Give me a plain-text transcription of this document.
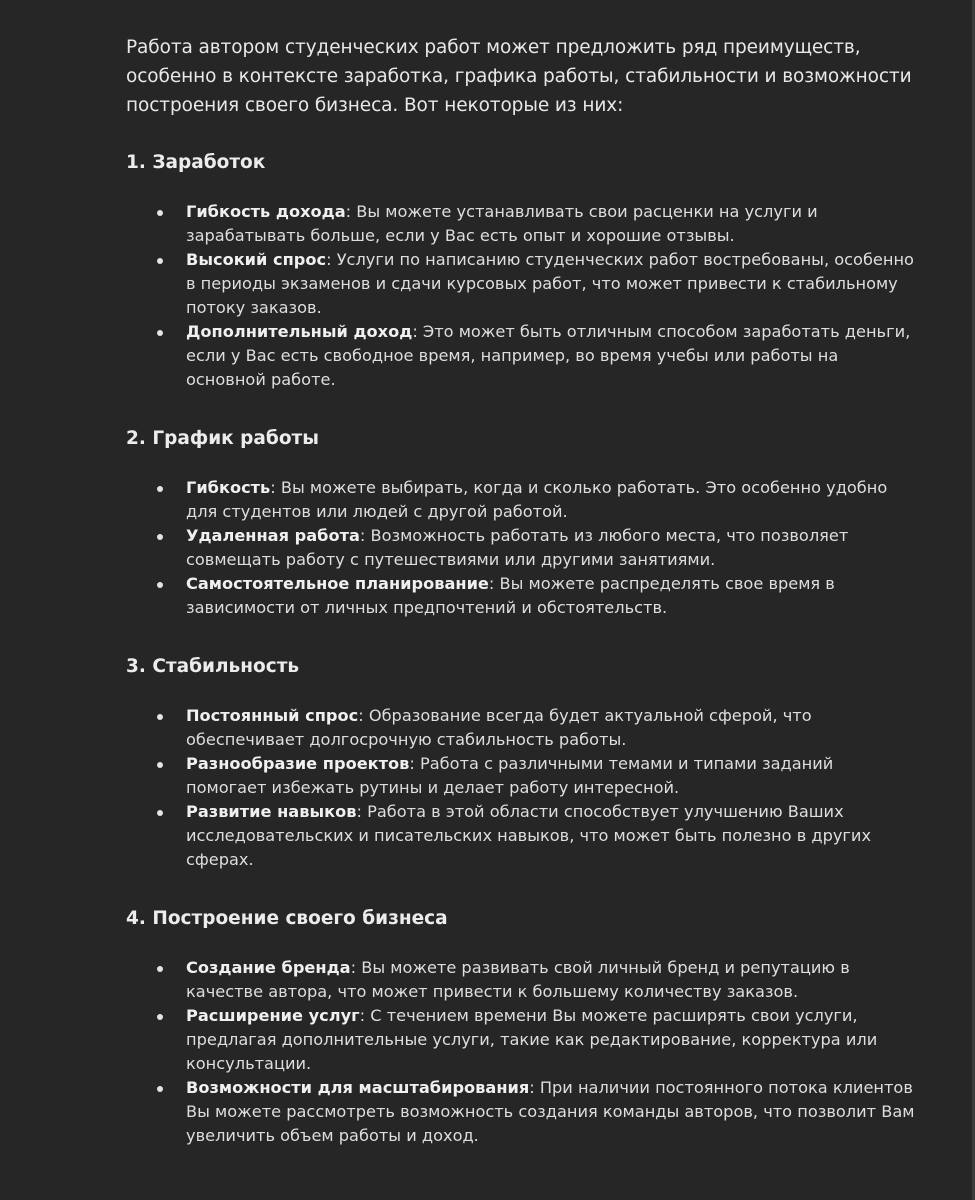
Работа автором студенческих работ может предложить ряд преимуществ, особенно в контексте заработка, графика работы, стабильности и возможности построения своего бизнеса. Вот некоторые из них:

1. Заработок
Гибкость дохода: Вы можете устанавливать свои расценки на услуги и зарабатывать больше, если у Вас есть опыт и хорошие отзывы.
Высокий спрос: Услуги по написанию студенческих работ востребованы, особенно в периоды экзаменов и сдачи курсовых работ, что может привести к стабильному потоку заказов.
Дополнительный доход: Это может быть отличным способом заработать деньги, если у Вас есть свободное время, например, во время учебы или работы на основной работе.
2. График работы
Гибкость: Вы можете выбирать, когда и сколько работать. Это особенно удобно для студентов или людей с другой работой.
Удаленная работа: Возможность работать из любого места, что позволяет совмещать работу с путешествиями или другими занятиями.
Самостоятельное планирование: Вы можете распределять свое время в зависимости от личных предпочтений и обстоятельств.
3. Стабильность
Постоянный спрос: Образование всегда будет актуальной сферой, что обеспечивает долгосрочную стабильность работы.
Разнообразие проектов: Работа с различными темами и типами заданий помогает избежать рутины и делает работу интересной.
Развитие навыков: Работа в этой области способствует улучшению Ваших исследовательских и писательских навыков, что может быть полезно в других сферах.
4. Построение своего бизнеса
Создание бренда: Вы можете развивать свой личный бренд и репутацию в качестве автора, что может привести к большему количеству заказов.
Расширение услуг: С течением времени Вы можете расширять свои услуги, предлагая дополнительные услуги, такие как редактирование, корректура или консультации.
Возможности для масштабирования: При наличии постоянного потока клиентов Вы можете рассмотреть возможность создания команды авторов, что позволит Вам увеличить объем работы и доход.
